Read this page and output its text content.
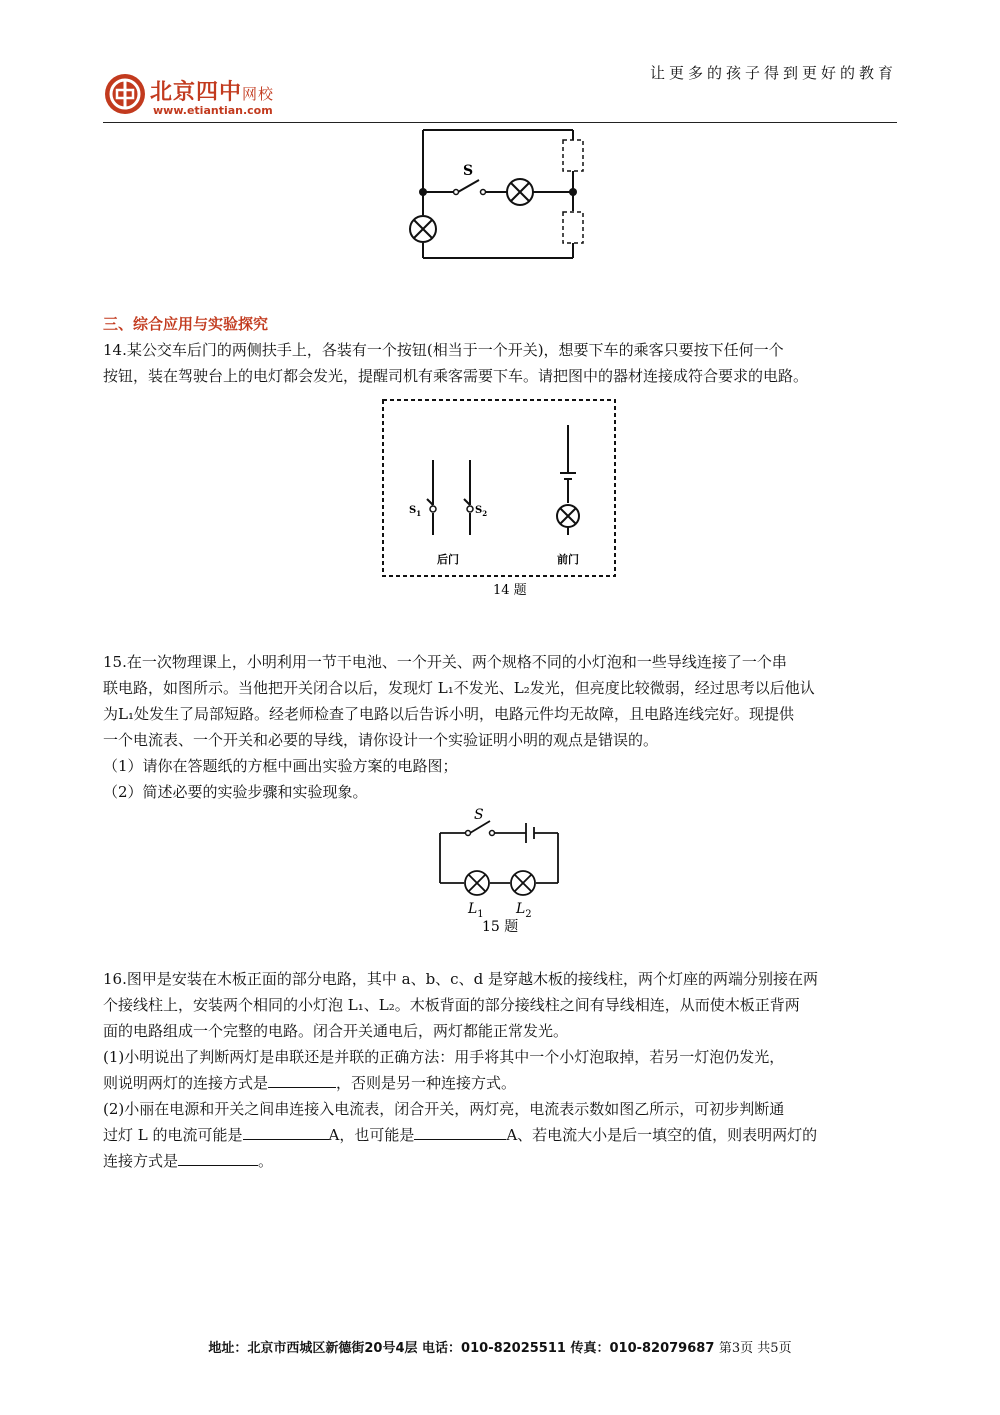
北京四中网校
www.etiantian.com
让更多的孩子得到更好的教育
S
三、综合应用与实验探究
14.某公交车后门的两侧扶手上，各装有一个按钮(相当于一个开关)，想要下车的乘客只要按下任何一个
按钮，装在驾驶台上的电灯都会发光，提醒司机有乘客需要下车。请把图中的器材连接成符合要求的电路。
$S_1$	$S_2$
后门	前门
14 题
15.在一次物理课上，小明利用一节干电池、一个开关、两个规格不同的小灯泡和一些导线连接了一个串
联电路，如图所示。当他把开关闭合以后，发现灯 L₁不发光、L₂发光，但亮度比较微弱，经过思考以后他认
为L₁处发生了局部短路。经老师检查了电路以后告诉小明，电路元件均无故障，且电路连线完好。现提供
一个电流表、一个开关和必要的导线，请你设计一个实验证明小明的观点是错误的。
（1）请你在答题纸的方框中画出实验方案的电路图；
（2）简述必要的实验步骤和实验现象。
S
$L_1$ $L_2$
15 题
16.图甲是安装在木板正面的部分电路，其中 a、b、c、d 是穿越木板的接线柱，两个灯座的两端分别接在两
个接线柱上，安装两个相同的小灯泡 L₁、L₂。木板背面的部分接线柱之间有导线相连，从而使木板正背两
面的电路组成一个完整的电路。闭合开关通电后，两灯都能正常发光。
(1)小明说出了判断两灯是串联还是并联的正确方法：用手将其中一个小灯泡取掉，若另一灯泡仍发光，
则说明两灯的连接方式是	，否则是另一种连接方式。
(2)小丽在电源和开关之间串连接入电流表，闭合开关，两灯亮，电流表示数如图乙所示，可初步判断通
过灯 L 的电流可能是	A，也可能是	A、若电流大小是后一填空的值，则表明两灯的
连接方式是	。
地址：北京市西城区新德街20号4层 电话：010-82025511 传真：010-82079687 第3页 共5页
